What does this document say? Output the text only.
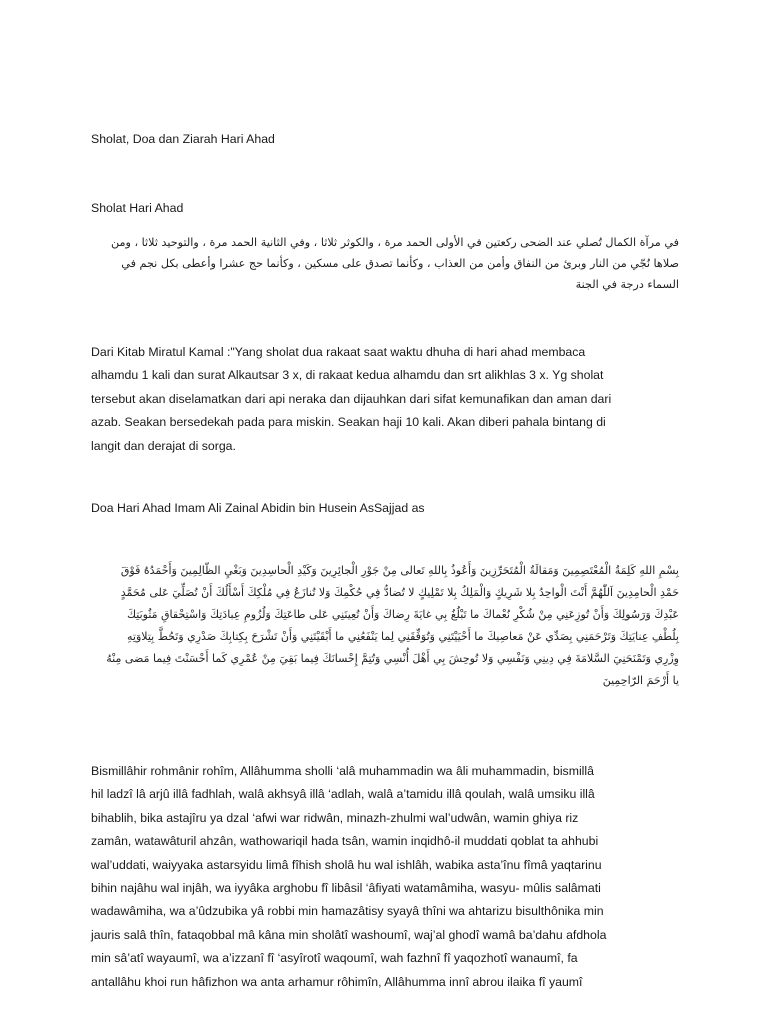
Sholat, Doa dan Ziarah Hari Ahad

Sholat Hari Ahad

في مرآة الكمال تُصلي عند الضحى ركعتين في الأولى الحمد مرة ، والكوثر ثلاثا ، وفي الثانية الحمد مرة ، والتوحيد ثلاثا ، ومن
صلاها نُجّي من النار وبرئ من النفاق وأمن من العذاب ، وكأنما تصدق على مسكين ، وكأنما حج عشرا وأعطى بكل نجم في
السماء درجة في الجنة
Dari Kitab Miratul Kamal :"Yang sholat dua rakaat saat waktu dhuha di hari ahad membaca
alhamdu 1 kali dan surat Alkautsar 3 x, di rakaat kedua alhamdu dan srt alikhlas 3 x. Yg sholat
tersebut akan diselamatkan dari api neraka dan dijauhkan dari sifat kemunafikan dan aman dari
azab. Seakan bersedekah pada para miskin. Seakan haji 10 kali. Akan diberi pahala bintang di
langit dan derajat di sorga.

Doa Hari Ahad Imam Ali Zainal Abidin bin Husein AsSajjad as

بِسْمِ اللهِ كَلِمَةُ الْمُعْتَصِمِينَ وَمَقالَةُ الْمُتَحَرِّزِينَ وَأَعُوذُ بِاللهِ تَعالى مِنْ جَوْرِ الْجائِرِينَ وَكَيْدِ الْحاسِدِينَ وَبَغْيِ الظّالِمِينَ وَأَحْمَدُهُ فَوْقَ
حَمْدِ الْحامِدِينَ اَللّٰهُمَّ أَنْتَ الْواحِدُ بِلا شَرِيكٍ وَالْمَلِكُ بِلا تَمْلِيكٍ لا تُضادُّ فِي حُكْمِكَ وَلا تُنازَعُ فِي مُلْكِكَ أَسْأَلُكَ أَنْ تُصَلِّيَ عَلى مُحَمَّدٍ
عَبْدِكَ وَرَسُولِكَ وَأَنْ تُوزِعَنِي مِنْ شُكْرِ نُعْماكَ ما تَبْلُغُ بِي غايَةَ رِضاكَ وَأَنْ تُعِينَنِي عَلى طاعَتِكَ وَلُزُومِ عِبادَتِكَ وَاسْتِحْقاقِ مَثُوبَتِكَ
بِلُطْفِ عِنايَتِكَ وَتَرْحَمَنِي بِصَدِّي عَنْ مَعاصِيكَ ما أَحْيَيْتَنِي وَتُوَفِّقَنِي لِما يَنْفَعُنِي ما أَبْقَيْتَنِي وَأَنْ تَشْرَحَ بِكِتابِكَ صَدْرِي وَتَحُطَّ بِتِلاوَتِهِ
وِزْرِي وَتَمْنَحَنِيَ السَّلامَةَ فِي دِينِي وَنَفْسِي وَلا تُوحِشَ بِي أَهْلَ أُنْسِي وَتُتِمَّ إِحْسانَكَ فِيما بَقِيَ مِنْ عُمْرِي كَما أَحْسَنْتَ فِيما مَضى مِنْهُ
يا أَرْحَمَ الرّاحِمِينَ
Bismillâhir rohmânir rohîm, Allâhumma sholli ‘alâ muhammadin wa âli muhammadin, bismillâ
hil ladzî lâ arjû illâ fadhlah, walâ akhsyâ illâ ‘adlah, walâ a’tamidu illâ qoulah, walâ umsiku illâ
bihablih, bika astajîru ya dzal ‘afwi war ridwân, minazh-zhulmi wal’udwân, wamin ghiya riz
zamân, watawâturil ahzân, wathowariqil hada tsân, wamin inqidhô-il muddati qoblat ta ahhubi
wal’uddati, waiyyaka astarsyidu limâ fîhish sholâ hu wal ishlâh, wabika asta’înu fîmâ yaqtarinu
bihin najâhu wal injâh, wa iyyâka arghobu fî libâsil ‘âfiyati watamâmiha, wasyu- mûlis salâmati
wadawâmiha, wa a’ûdzubika yâ robbi min hamazâtisy syayâ thîni wa ahtarizu bisulthônika min
jauris salâ thîn, fataqobbal mâ kâna min sholâtî washoumî, waj’al ghodî wamâ ba’dahu afdhola
min sâ’atî wayaumî, wa a’izzanî fî ‘asyîrotî waqoumî, wah fazhnî fî yaqozhotî wanaumî, fa
antallâhu khoi run hâfizhon wa anta arhamur rôhimîn, Allâhumma innî abrou ilaika fî yaumî
